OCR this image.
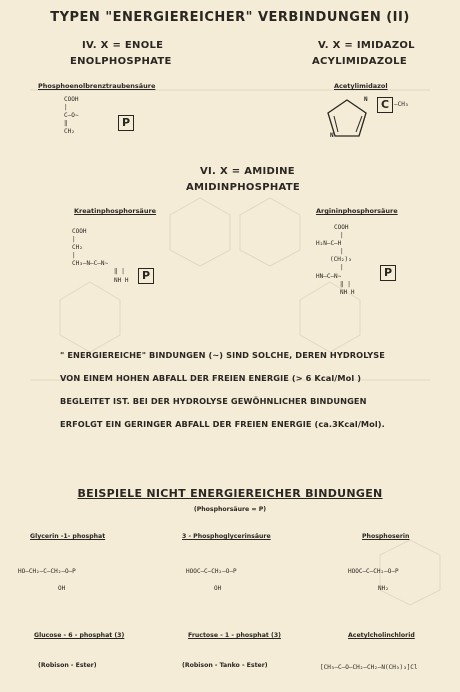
TYPEN "ENERGIEREICHER" VERBINDUNGEN (II)
IV. X = ENOLE
ENOLPHOSPHATE
Phosphoenolbrenztraubensäure
COOH
|
C—O∼
‖
CH₂
P
V. X = IMIDAZOL
ACYLIMIDAZOLE
Acetylimidazol
N
N
C —CH₃
VI. X = AMIDINE
AMIDINPHOSPHATE
Kreatinphosphorsäure
COOH
|
CH₂
|
CH₃—N—C—N∼
‖ |
NH H	P
Argininphosphorsäure
COOH
|
H₂N—C—H
|
(CH₂)₃
|
HN—C—N∼
‖ |
NH H
P
" ENERGIEREICHE" BINDUNGEN (∼) SIND SOLCHE, DEREN HYDROLYSE
VON EINEM HOHEN ABFALL DER FREIEN ENERGIE (> 6 Kcal/Mol )
BEGLEITET IST. BEI DER HYDROLYSE GEWÖHNLICHER BINDUNGEN
ERFOLGT EIN GERINGER ABFALL DER FREIEN ENERGIE (ca.3Kcal/Mol).
BEISPIELE NICHT ENERGIEREICHER BINDUNGEN
(Phosphorsäure = P)
Glycerin -1- phosphat
HO—CH₂—C—CH₂—O—P
OH
3 - Phosphoglycerinsäure
HOOC—C—CH₂—O—P
OH
Phosphoserin
HOOC—C—CH₂—O—P
NH₂
Glucose - 6 - phosphat (3)
(Robison - Ester)
Fructose - 1 - phosphat (3)
(Robison - Tanko - Ester)
Acetylcholinchlorid
[CH₃—C—O—CH₂—CH₂—N(CH₃)₃]Cl
